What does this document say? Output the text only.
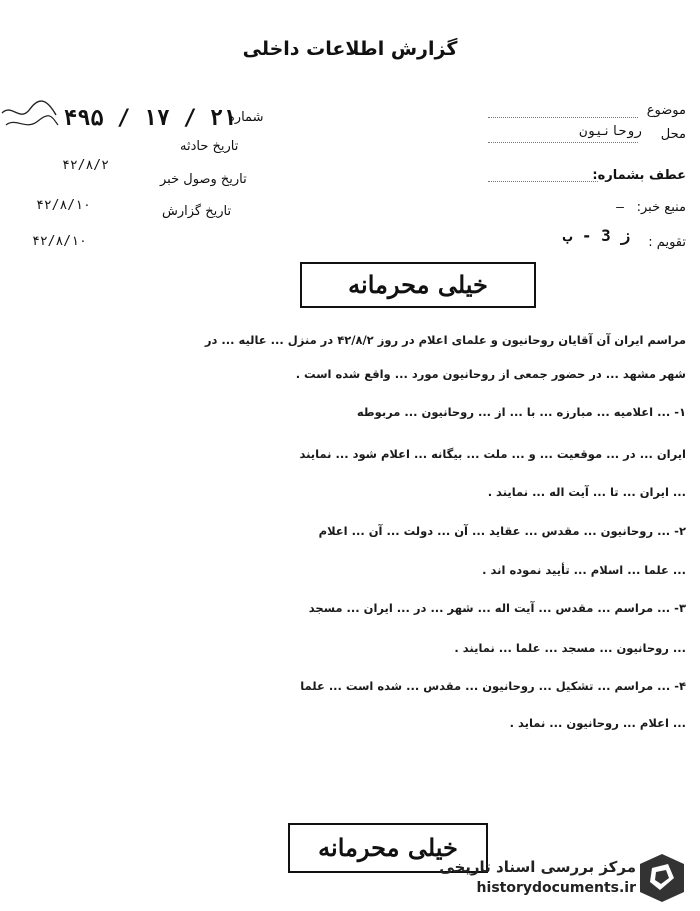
گزارش اطلاعات داخلی
موضوع
محل
روحانیون
عطف بشماره:
منبع خبر:
—
تقویم :
ز 3 - ب
۴۹۵ / ۱۷ / ۲۱
شماره
تاریخ حادثه
۴۲/۸/۲
تاریخ وصول خبر
۴۲/۸/۱۰	تاریخ گزارش
۴۲/۸/۱۰
خیلی محرمانه
مراسم ایران آن آقایان روحانیون و علمای اعلام در روز ۴۲/۸/۲ در منزل ... عالیه ... در
شهر مشهد ... در حضور جمعی از روحانیون مورد ... واقع شده است .
۱- ... اعلامیه ... مبارزه ... با ... از ... روحانیون ... مربوطه
ایران ... در ... موقعیت ... و ... ملت ... بیگانه ... اعلام شود ... نمایند
... ایران ... تا ... آیت اله ... نمایند .
۲- ... روحانیون ... مقدس ... عقاید ... آن ... دولت ... آن ... اعلام
... علما ... اسلام ... تأیید نموده اند .
۳- ... مراسم ... مقدس ... آیت اله ... شهر ... در ... ایران ... مسجد
... روحانیون ... مسجد ... علما ... نمایند .
۴- ... مراسم ... تشکیل ... روحانیون ... مقدس ... شده است ... علما
... اعلام ... روحانیون ... نماید .
خیلی محرمانه
مرکز بررسی اسناد تاریخی
historydocuments.ir
